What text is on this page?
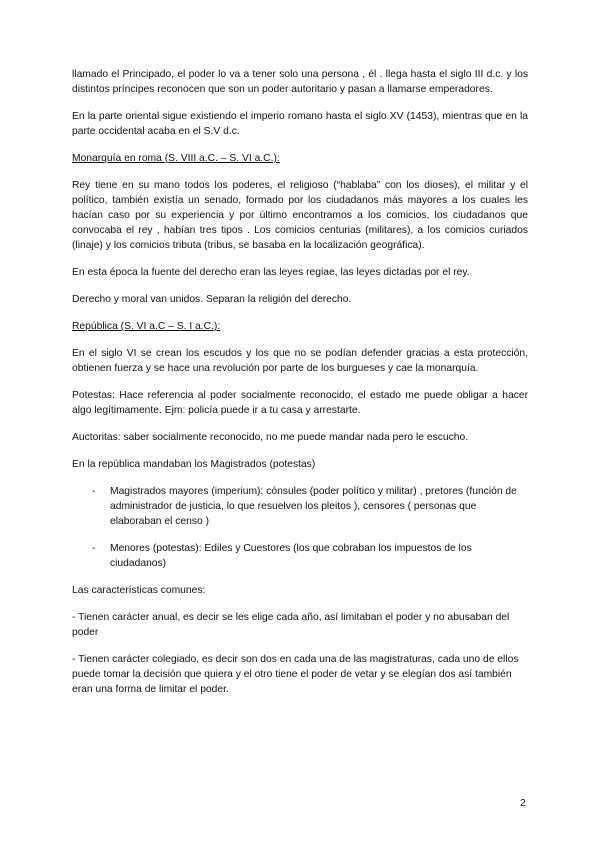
llamado el Principado, el poder lo va a tener solo una persona , él . llega hasta el siglo III d.c. y los distintos príncipes reconocen que son un poder autoritario y pasan a llamarse emperadores.

En la parte oriental sigue existiendo el imperio romano hasta el siglo XV (1453), mientras que en la parte occidental acaba en el S.V d.c.

Monarquía en roma (S. VIII a.C. – S. VI a.C.):

Rey tiene en su mano todos los poderes, el religioso (“hablaba” con los dioses), el militar y el político, también existía un senado, formado por los ciudadanos más mayores a los cuales les hacían caso por su experiencia y por último encontramos a los comicios, los ciudadanos que convocaba el rey , habían tres tipos . Los comicios centurias (militares), a los comicios curiados (linaje) y los comicios tributa (tribus, se basaba en la localización geográfica).

En esta época la fuente del derecho eran las leyes regiae, las leyes dictadas por el rey.

Derecho y moral van unidos. Separan la religión del derecho.

República (S. VI a.C – S. I a.C.):

En el siglo VI se crean los escudos y los que no se podían defender gracias a esta protección, obtienen fuerza y se hace una revolución por parte de los burgueses y cae la monarquía.

Potestas: Hace referencia al poder socialmente reconocido, el estado me puede obligar a hacer algo legítimamente. Ejm: policía puede ir a tu casa y arrestarte.

Auctoritas: saber socialmente reconocido, no me puede mandar nada pero le escucho.

En la república mandaban los Magistrados (potestas)

- Magistrados mayores (imperium): cónsules (poder político y militar) , pretores (función de administrador de justicia, lo que resuelven los pleitos ), censores ( personas que elaboraban el censo )
- Menores (potestas): Ediles y Cuestores (los que cobraban los impuestos de los ciudadanos)

Las características comunes:

- Tienen carácter anual, es decir se les elige cada año, así limitaban el poder y no abusaban del poder

- Tienen carácter colegiado, es decir son dos en cada una de las magistraturas, cada uno de ellos puede tomar la decisión que quiera y el otro tiene el poder de vetar y se elegían dos así también eran una forma de limitar el poder.

2
